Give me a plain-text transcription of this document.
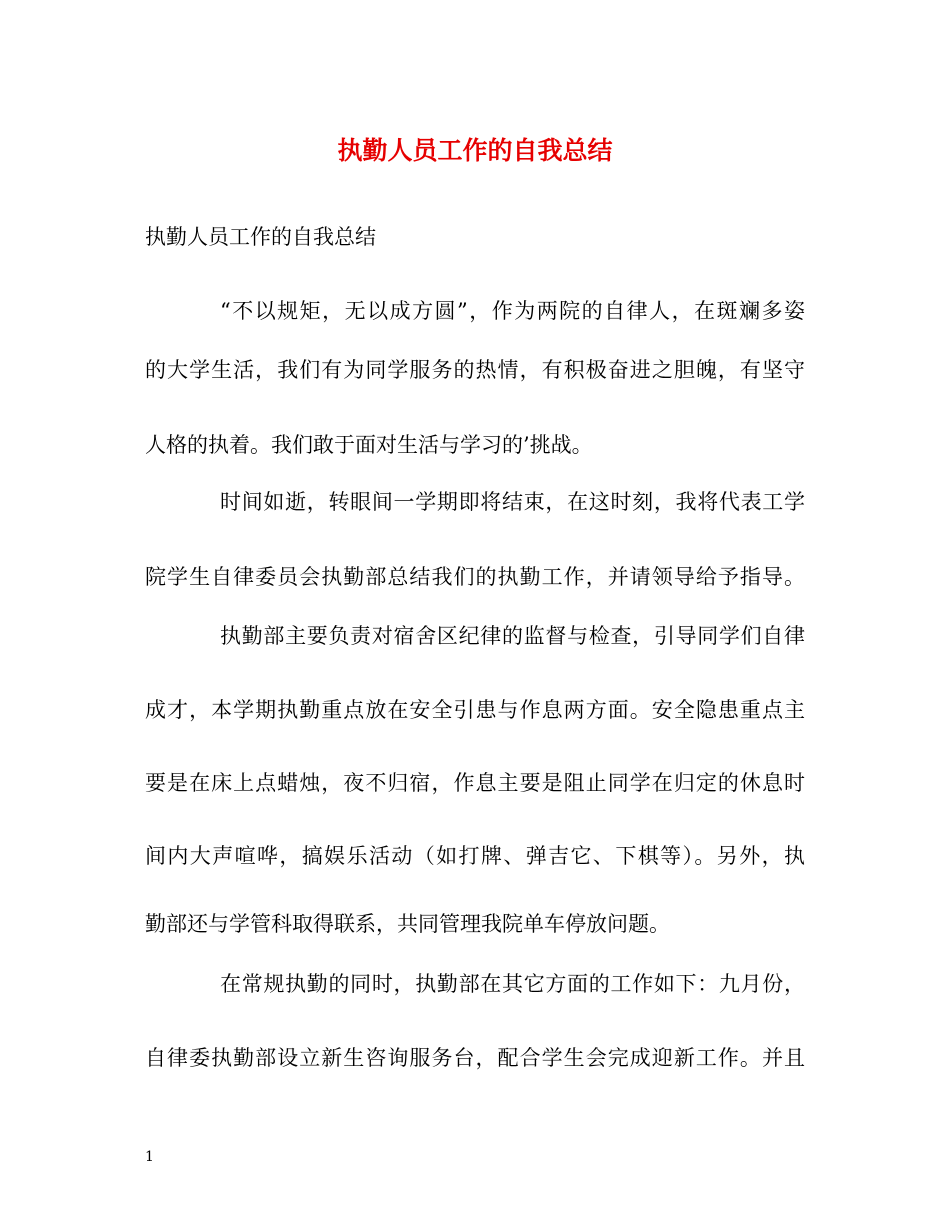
执勤人员工作的自我总结

执勤人员工作的自我总结

“不以规矩，无以成方圆”，作为两院的自律人，在斑斓多姿

的大学生活，我们有为同学服务的热情，有积极奋进之胆魄，有坚守

人格的执着。我们敢于面对生活与学习的’挑战。

时间如逝，转眼间一学期即将结束，在这时刻，我将代表工学

院学生自律委员会执勤部总结我们的执勤工作，并请领导给予指导。

执勤部主要负责对宿舍区纪律的监督与检查，引导同学们自律

成才，本学期执勤重点放在安全引患与作息两方面。安全隐患重点主

要是在床上点蜡烛，夜不归宿，作息主要是阻止同学在归定的休息时

间内大声喧哗，搞娱乐活动（如打牌、弹吉它、下棋等）。另外，执

勤部还与学管科取得联系，共同管理我院单车停放问题。

在常规执勤的同时，执勤部在其它方面的工作如下：九月份，

自律委执勤部设立新生咨询服务台，配合学生会完成迎新工作。并且

1
